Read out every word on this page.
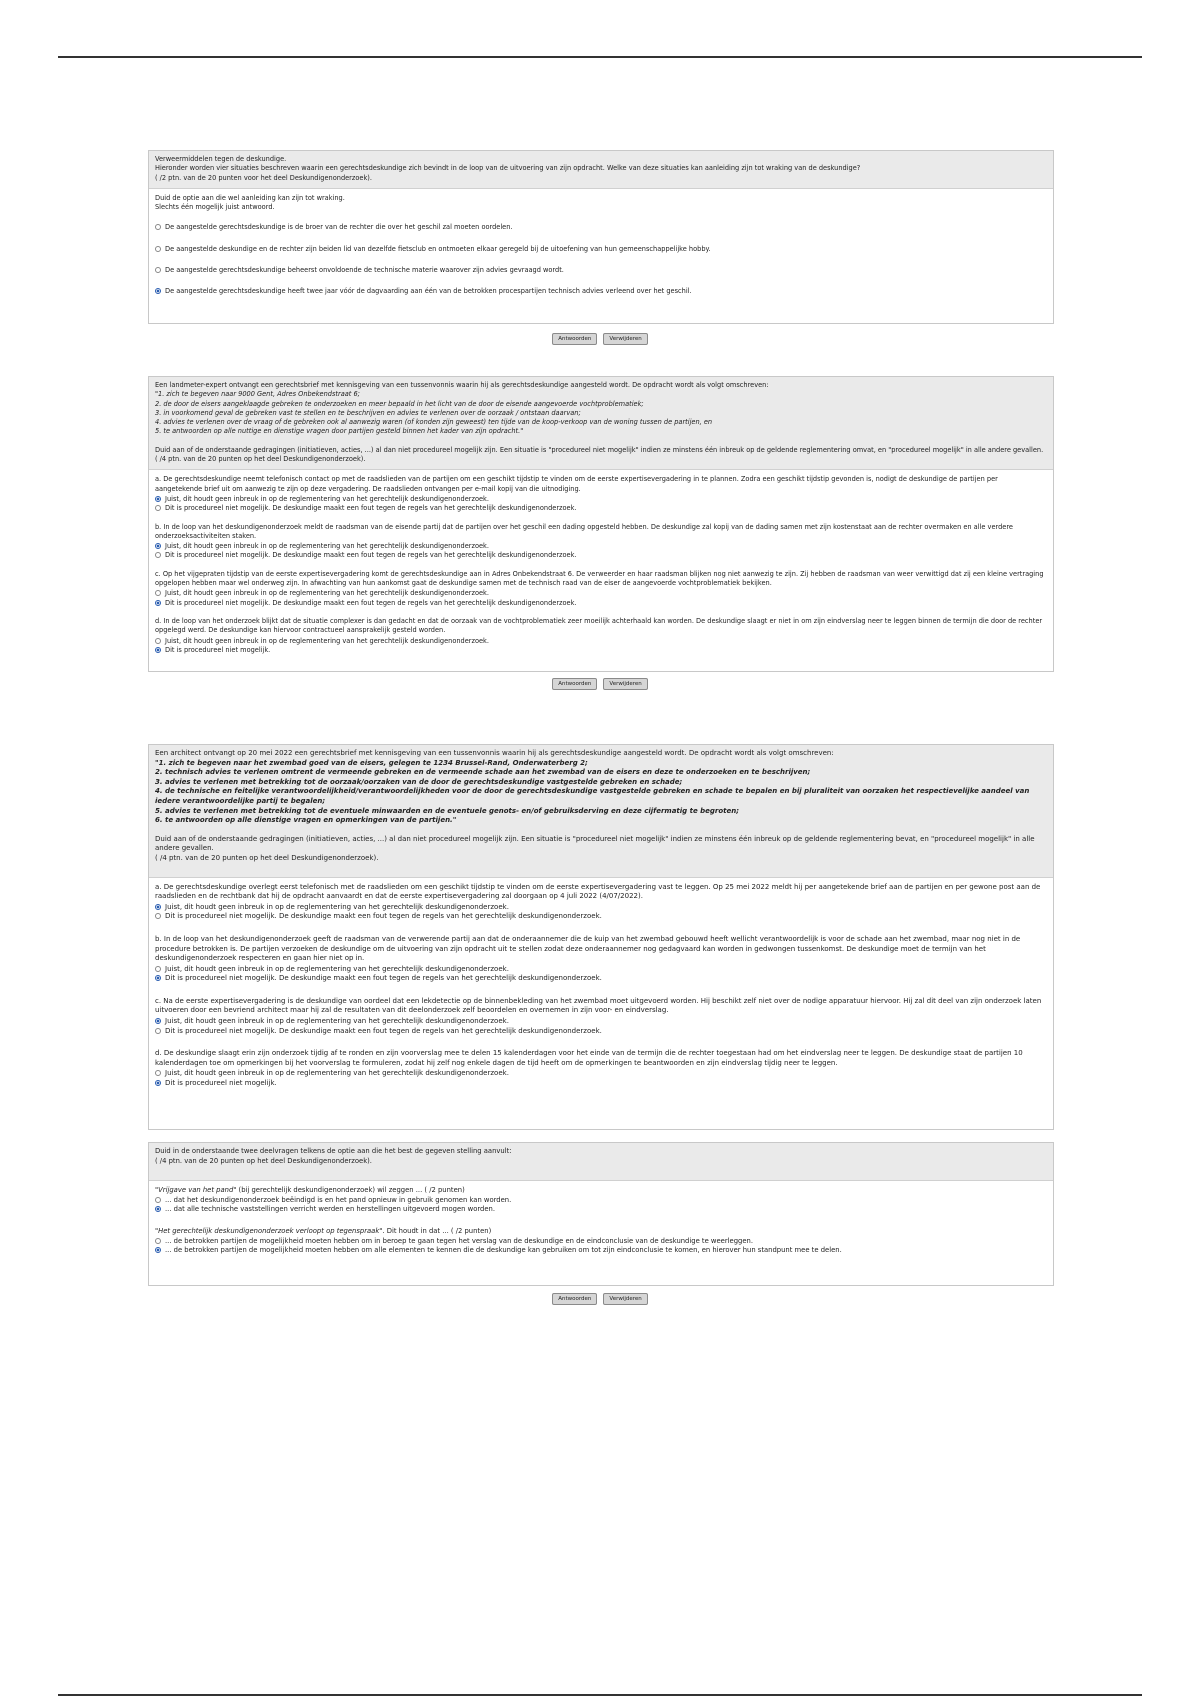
Verweermiddelen tegen de deskundige.

Hieronder worden vier situaties beschreven waarin een gerechtsdeskundige zich bevindt in de loop van de uitvoering van zijn opdracht. Welke van deze situaties kan aanleiding zijn tot wraking van de deskundige?

( /2 ptn. van de 20 punten voor het deel Deskundigenonderzoek).

Duid de optie aan die wel aanleiding kan zijn tot wraking.

Slechts één mogelijk juist antwoord.

De aangestelde gerechtsdeskundige is de broer van de rechter die over het geschil zal moeten oordelen.
De aangestelde deskundige en de rechter zijn beiden lid van dezelfde fietsclub en ontmoeten elkaar geregeld bij de uitoefening van hun gemeenschappelijke hobby.
De aangestelde gerechtsdeskundige beheerst onvoldoende de technische materie waarover zijn advies gevraagd wordt.
De aangestelde gerechtsdeskundige heeft twee jaar vóór de dagvaarding aan één van de betrokken procespartijen technisch advies verleend over het geschil.
Antwoorden	Verwijderen

Een landmeter-expert ontvangt een gerechtsbrief met kennisgeving van een tussenvonnis waarin hij als gerechtsdeskundige aangesteld wordt. De opdracht wordt als volgt omschreven:

"1. zich te begeven naar 9000 Gent, Adres Onbekendstraat 6;

2. de door de eisers aangeklaagde gebreken te onderzoeken en meer bepaald in het licht van de door de eisende aangevoerde vochtproblematiek;

3. in voorkomend geval de gebreken vast te stellen en te beschrijven en advies te verlenen over de oorzaak / ontstaan daarvan;

4. advies te verlenen over de vraag of de gebreken ook al aanwezig waren (of konden zijn geweest) ten tijde van de koop-verkoop van de woning tussen de partijen, en

5. te antwoorden op alle nuttige en dienstige vragen door partijen gesteld binnen het kader van zijn opdracht."

Duid aan of de onderstaande gedragingen (initiatieven, acties, ...) al dan niet procedureel mogelijk zijn. Een situatie is "procedureel niet mogelijk" indien ze minstens één inbreuk op de geldende reglementering omvat, en "procedureel mogelijk" in alle andere gevallen.

( /4 ptn. van de 20 punten op het deel Deskundigenonderzoek).

a. De gerechtsdeskundige neemt telefonisch contact op met de raadslieden van de partijen om een geschikt tijdstip te vinden om de eerste expertisevergadering in te plannen. Zodra een geschikt tijdstip gevonden is, nodigt de deskundige de partijen per aangetekende brief uit om aanwezig te zijn op deze vergadering. De raadslieden ontvangen per e-mail kopij van die uitnodiging.

Juist, dit houdt geen inbreuk in op de reglementering van het gerechtelijk deskundigenonderzoek.
Dit is procedureel niet mogelijk. De deskundige maakt een fout tegen de regels van het gerechtelijk deskundigenonderzoek.

b. In de loop van het deskundigenonderzoek meldt de raadsman van de eisende partij dat de partijen over het geschil een dading opgesteld hebben. De deskundige zal kopij van de dading samen met zijn kostenstaat aan de rechter overmaken en alle verdere onderzoeksactiviteiten staken.

Juist, dit houdt geen inbreuk in op de reglementering van het gerechtelijk deskundigenonderzoek.
Dit is procedureel niet mogelijk. De deskundige maakt een fout tegen de regels van het gerechtelijk deskundigenonderzoek.

c. Op het vijgepraten tijdstip van de eerste expertisevergadering komt de gerechtsdeskundige aan in Adres Onbekendstraat 6. De verweerder en haar raadsman blijken nog niet aanwezig te zijn. Zij hebben de raadsman van weer verwittigd dat zij een kleine vertraging opgelopen hebben maar wel onderweg zijn. In afwachting van hun aankomst gaat de deskundige samen met de technisch raad van de eiser de aangevoerde vochtproblematiek bekijken.

Juist, dit houdt geen inbreuk in op de reglementering van het gerechtelijk deskundigenonderzoek.
Dit is procedureel niet mogelijk. De deskundige maakt een fout tegen de regels van het gerechtelijk deskundigenonderzoek.

d. In de loop van het onderzoek blijkt dat de situatie complexer is dan gedacht en dat de oorzaak van de vochtproblematiek zeer moeilijk achterhaald kan worden. De deskundige slaagt er niet in om zijn eindverslag neer te leggen binnen de termijn die door de rechter opgelegd werd. De deskundige kan hiervoor contractueel aansprakelijk gesteld worden.

Juist, dit houdt geen inbreuk in op de reglementering van het gerechtelijk deskundigenonderzoek.
Dit is procedureel niet mogelijk.
Antwoorden	Verwijderen

Een architect ontvangt op 20 mei 2022 een gerechtsbrief met kennisgeving van een tussenvonnis waarin hij als gerechtsdeskundige aangesteld wordt. De opdracht wordt als volgt omschreven:

"1. zich te begeven naar het zwembad goed van de eisers, gelegen te 1234 Brussel-Rand, Onderwaterberg 2;

2. technisch advies te verlenen omtrent de vermeende gebreken en de vermeende schade aan het zwembad van de eisers en deze te onderzoeken en te beschrijven;

3. advies te verlenen met betrekking tot de oorzaak/oorzaken van de door de gerechtsdeskundige vastgestelde gebreken en schade;

4. de technische en feitelijke verantwoordelijkheid/verantwoordelijkheden voor de door de gerechtsdeskundige vastgestelde gebreken en schade te bepalen en bij pluraliteit van oorzaken het respectievelijke aandeel van iedere verantwoordelijke partij te begalen;

5. advies te verlenen met betrekking tot de eventuele minwaarden en de eventuele genots- en/of gebruiksderving en deze cijfermatig te begroten;

6. te antwoorden op alle dienstige vragen en opmerkingen van de partijen."

Duid aan of de onderstaande gedragingen (initiatieven, acties, ...) al dan niet procedureel mogelijk zijn. Een situatie is "procedureel niet mogelijk" indien ze minstens één inbreuk op de geldende reglementering bevat, en "procedureel mogelijk" in alle andere gevallen.

( /4 ptn. van de 20 punten op het deel Deskundigenonderzoek).

a. De gerechtsdeskundige overlegt eerst telefonisch met de raadslieden om een geschikt tijdstip te vinden om de eerste expertisevergadering vast te leggen. Op 25 mei 2022 meldt hij per aangetekende brief aan de partijen en per gewone post aan de raadslieden en de rechtbank dat hij de opdracht aanvaardt en dat de eerste expertisevergadering zal doorgaan op 4 juli 2022 (4/07/2022).

Juist, dit houdt geen inbreuk in op de reglementering van het gerechtelijk deskundigenonderzoek.
Dit is procedureel niet mogelijk. De deskundige maakt een fout tegen de regels van het gerechtelijk deskundigenonderzoek.

b. In de loop van het deskundigenonderzoek geeft de raadsman van de verwerende partij aan dat de onderaannemer die de kuip van het zwembad gebouwd heeft wellicht verantwoordelijk is voor de schade aan het zwembad, maar nog niet in de procedure betrokken is. De partijen verzoeken de deskundige om de uitvoering van zijn opdracht uit te stellen zodat deze onderaannemer nog gedagvaard kan worden in gedwongen tussenkomst. De deskundige moet de termijn van het deskundigenonderzoek respecteren en gaan hier niet op in.

Juist, dit houdt geen inbreuk in op de reglementering van het gerechtelijk deskundigenonderzoek.
Dit is procedureel niet mogelijk. De deskundige maakt een fout tegen de regels van het gerechtelijk deskundigenonderzoek.

c. Na de eerste expertisevergadering is de deskundige van oordeel dat een lekdetectie op de binnenbekleding van het zwembad moet uitgevoerd worden. Hij beschikt zelf niet over de nodige apparatuur hiervoor. Hij zal dit deel van zijn onderzoek laten uitvoeren door een bevriend architect maar hij zal de resultaten van dit deelonderzoek zelf beoordelen en overnemen in zijn voor- en eindverslag.

Juist, dit houdt geen inbreuk in op de reglementering van het gerechtelijk deskundigenonderzoek.
Dit is procedureel niet mogelijk. De deskundige maakt een fout tegen de regels van het gerechtelijk deskundigenonderzoek.

d. De deskundige slaagt erin zijn onderzoek tijdig af te ronden en zijn voorverslag mee te delen 15 kalenderdagen voor het einde van de termijn die de rechter toegestaan had om het eindverslag neer te leggen. De deskundige staat de partijen 10 kalenderdagen toe om opmerkingen bij het voorverslag te formuleren, zodat hij zelf nog enkele dagen de tijd heeft om de opmerkingen te beantwoorden en zijn eindverslag tijdig neer te leggen.

Juist, dit houdt geen inbreuk in op de reglementering van het gerechtelijk deskundigenonderzoek.
Dit is procedureel niet mogelijk.

Duid in de onderstaande twee deelvragen telkens de optie aan die het best de gegeven stelling aanvult:

( /4 ptn. van de 20 punten op het deel Deskundigenonderzoek).

"Vrijgave van het pand" (bij gerechtelijk deskundigenonderzoek) wil zeggen ... ( /2 punten)

... dat het deskundigenonderzoek beëindigd is en het pand opnieuw in gebruik genomen kan worden.
... dat alle technische vaststellingen verricht werden en herstellingen uitgevoerd mogen worden.

"Het gerechtelijk deskundigenonderzoek verloopt op tegenspraak". Dit houdt in dat ... ( /2 punten)

... de betrokken partijen de mogelijkheid moeten hebben om in beroep te gaan tegen het verslag van de deskundige en de eindconclusie van de deskundige te weerleggen.
... de betrokken partijen de mogelijkheid moeten hebben om alle elementen te kennen die de deskundige kan gebruiken om tot zijn eindconclusie te komen, en hierover hun standpunt mee te delen.
Antwoorden	Verwijderen
